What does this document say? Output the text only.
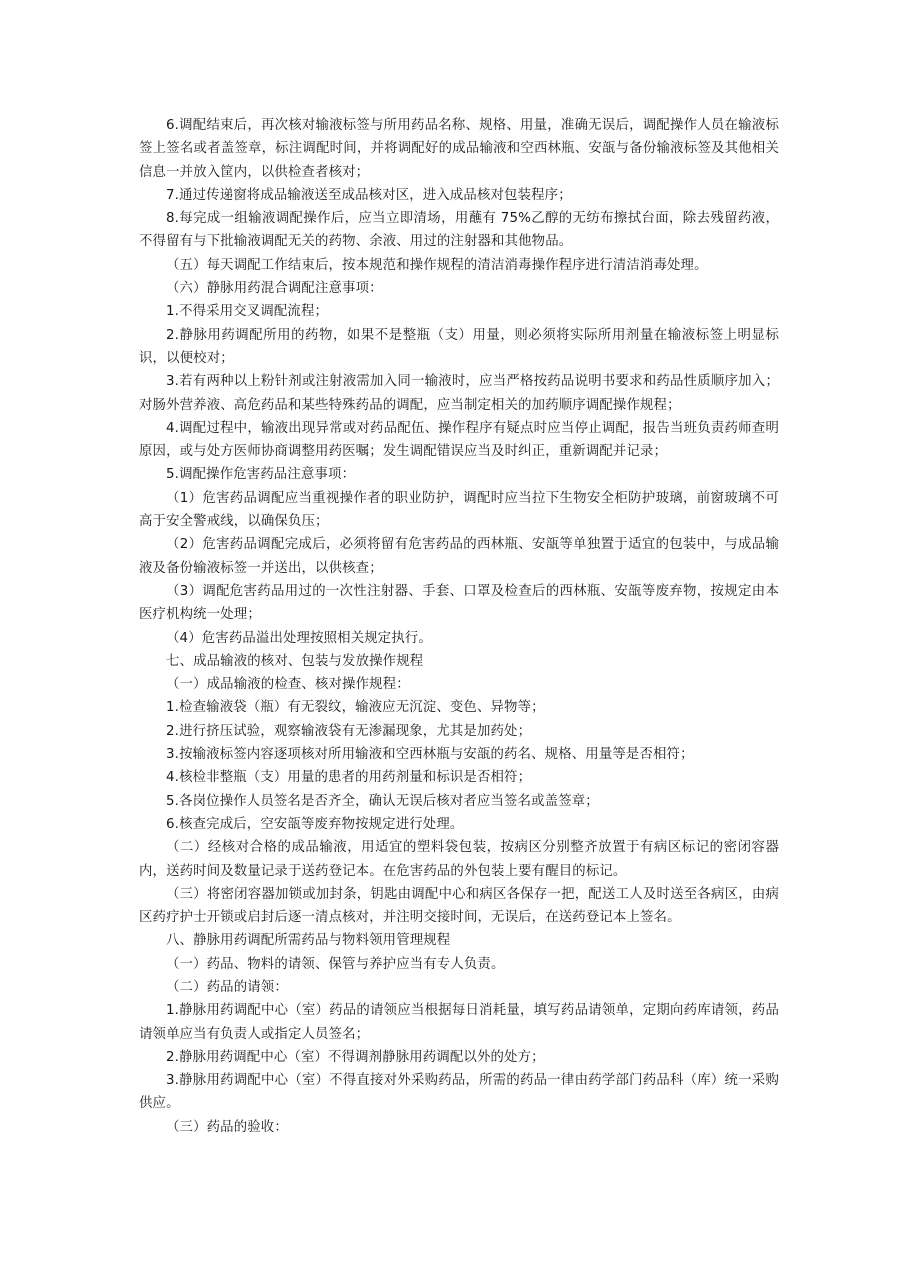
6.调配结束后，再次核对输液标签与所用药品名称、规格、用量，准确无误后，调配操作人员在输液标签上签名或者盖签章，标注调配时间，并将调配好的成品输液和空西林瓶、安瓿与备份输液标签及其他相关信息一并放入筐内，以供检查者核对；

7.通过传递窗将成品输液送至成品核对区，进入成品核对包装程序；

8.每完成一组输液调配操作后，应当立即清场，用蘸有 75%乙醇的无纺布擦拭台面，除去残留药液，不得留有与下批输液调配无关的药物、余液、用过的注射器和其他物品。

（五）每天调配工作结束后，按本规范和操作规程的清洁消毒操作程序进行清洁消毒处理。

（六）静脉用药混合调配注意事项：

1.不得采用交叉调配流程；

2.静脉用药调配所用的药物，如果不是整瓶（支）用量，则必须将实际所用剂量在输液标签上明显标识，以便校对；

3.若有两种以上粉针剂或注射液需加入同一输液时，应当严格按药品说明书要求和药品性质顺序加入；对肠外营养液、高危药品和某些特殊药品的调配，应当制定相关的加药顺序调配操作规程；

4.调配过程中，输液出现异常或对药品配伍、操作程序有疑点时应当停止调配，报告当班负责药师查明原因，或与处方医师协商调整用药医嘱；发生调配错误应当及时纠正，重新调配并记录；

5.调配操作危害药品注意事项：

（1）危害药品调配应当重视操作者的职业防护，调配时应当拉下生物安全柜防护玻璃，前窗玻璃不可高于安全警戒线，以确保负压；

（2）危害药品调配完成后，必须将留有危害药品的西林瓶、安瓿等单独置于适宜的包装中，与成品输液及备份输液标签一并送出，以供核查；

（3）调配危害药品用过的一次性注射器、手套、口罩及检查后的西林瓶、安瓿等废弃物，按规定由本医疗机构统一处理；

（4）危害药品溢出处理按照相关规定执行。

七、成品输液的核对、包装与发放操作规程

（一）成品输液的检查、核对操作规程：

1.检查输液袋（瓶）有无裂纹，输液应无沉淀、变色、异物等；

2.进行挤压试验，观察输液袋有无渗漏现象，尤其是加药处；

3.按输液标签内容逐项核对所用输液和空西林瓶与安瓿的药名、规格、用量等是否相符；

4.核检非整瓶（支）用量的患者的用药剂量和标识是否相符；

5.各岗位操作人员签名是否齐全，确认无误后核对者应当签名或盖签章；

6.核查完成后，空安瓿等废弃物按规定进行处理。

（二）经核对合格的成品输液，用适宜的塑料袋包装，按病区分别整齐放置于有病区标记的密闭容器内，送药时间及数量记录于送药登记本。在危害药品的外包装上要有醒目的标记。

（三）将密闭容器加锁或加封条，钥匙由调配中心和病区各保存一把，配送工人及时送至各病区，由病区药疗护士开锁或启封后逐一清点核对，并注明交接时间，无误后，在送药登记本上签名。

八、静脉用药调配所需药品与物料领用管理规程

（一）药品、物料的请领、保管与养护应当有专人负责。

（二）药品的请领：

1.静脉用药调配中心（室）药品的请领应当根据每日消耗量，填写药品请领单，定期向药库请领，药品请领单应当有负责人或指定人员签名；

2.静脉用药调配中心（室）不得调剂静脉用药调配以外的处方；

3.静脉用药调配中心（室）不得直接对外采购药品，所需的药品一律由药学部门药品科（库）统一采购供应。

（三）药品的验收：
